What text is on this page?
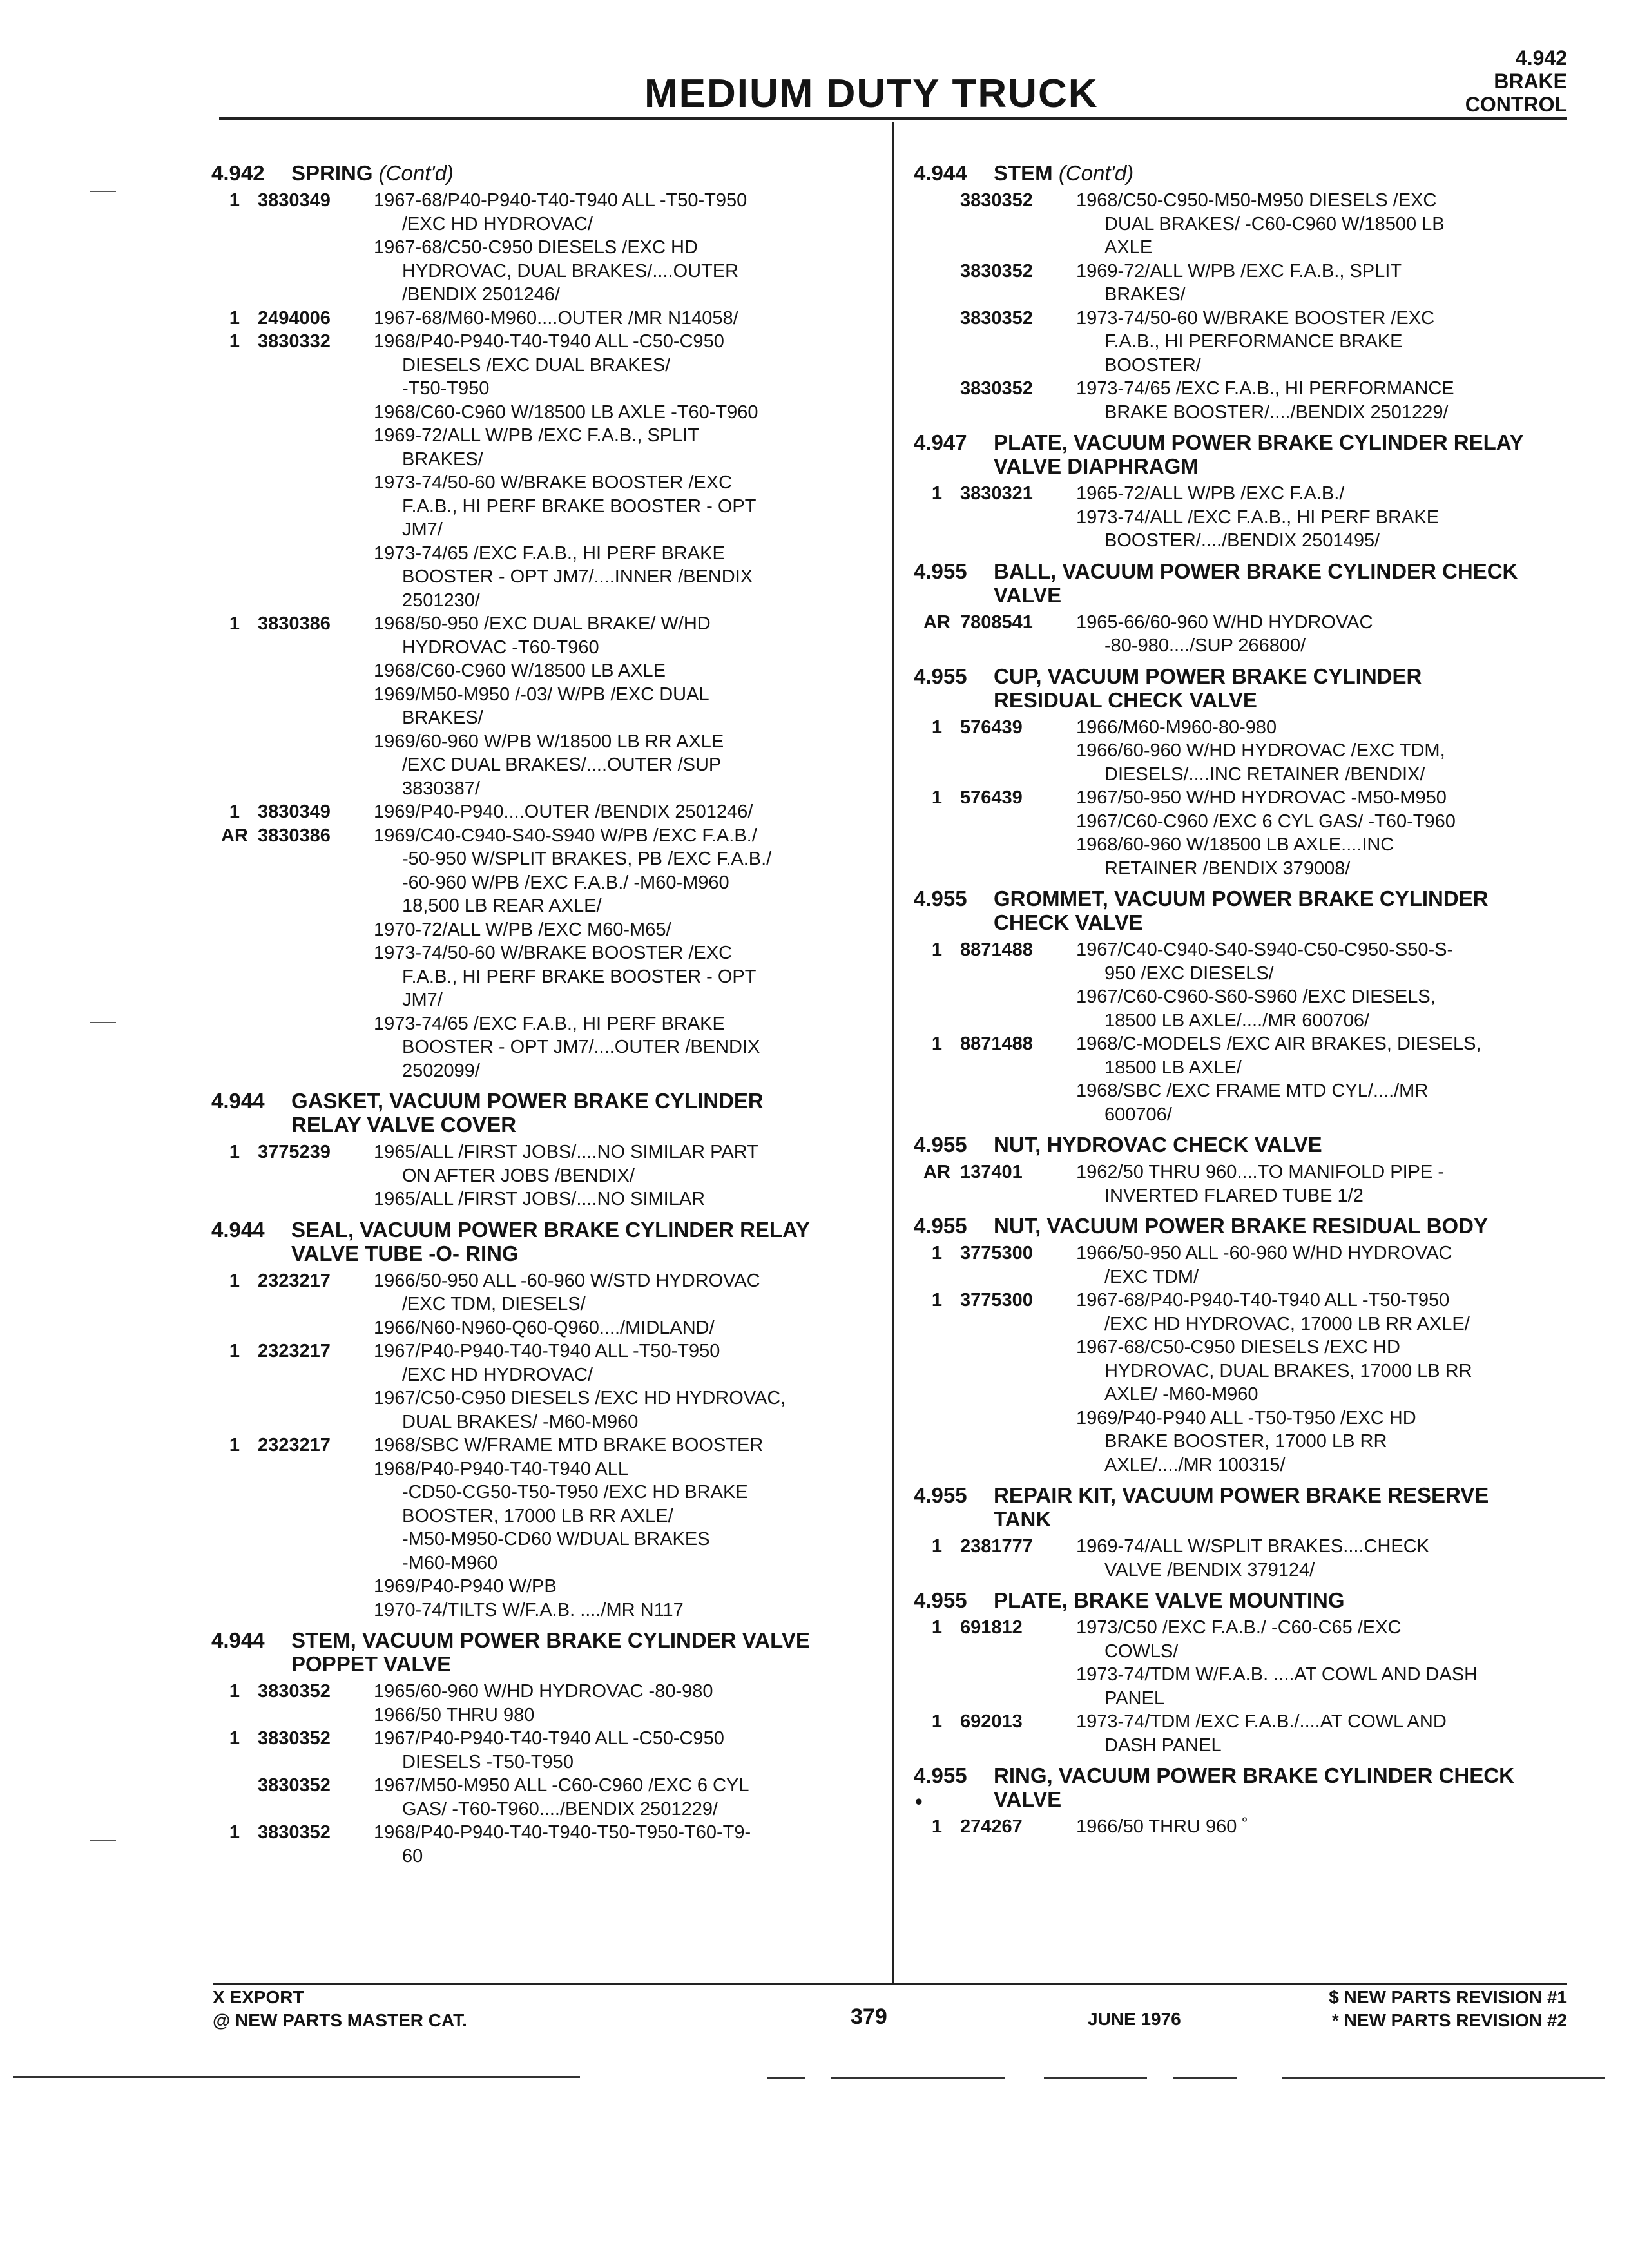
MEDIUM DUTY TRUCK
4.942
BRAKE
CONTROL
4.942 SPRING (Cont'd)
1 3830349	1967-68/P40-P940-T40-T940 ALL -T50-T950
/EXC HD HYDROVAC/
1967-68/C50-C950 DIESELS /EXC HD
HYDROVAC, DUAL BRAKES/....OUTER
/BENDIX 2501246/
1 2494006	1967-68/M60-M960....OUTER /MR N14058/
1 3830332	1968/P40-P940-T40-T940 ALL -C50-C950
DIESELS /EXC DUAL BRAKES/
-T50-T950
1968/C60-C960 W/18500 LB AXLE -T60-T960
1969-72/ALL W/PB /EXC F.A.B., SPLIT
BRAKES/
1973-74/50-60 W/BRAKE BOOSTER /EXC
F.A.B., HI PERF BRAKE BOOSTER - OPT
JM7/
1973-74/65 /EXC F.A.B., HI PERF BRAKE
BOOSTER - OPT JM7/....INNER /BENDIX
2501230/
1 3830386	1968/50-950 /EXC DUAL BRAKE/ W/HD
HYDROVAC -T60-T960
1968/C60-C960 W/18500 LB AXLE
1969/M50-M950 /-03/ W/PB /EXC DUAL
BRAKES/
1969/60-960 W/PB W/18500 LB RR AXLE
/EXC DUAL BRAKES/....OUTER /SUP
3830387/
1 3830349	1969/P40-P940....OUTER /BENDIX 2501246/
AR 3830386	1969/C40-C940-S40-S940 W/PB /EXC F.A.B./
-50-950 W/SPLIT BRAKES, PB /EXC F.A.B./
-60-960 W/PB /EXC F.A.B./ -M60-M960
18,500 LB REAR AXLE/
1970-72/ALL W/PB /EXC M60-M65/
1973-74/50-60 W/BRAKE BOOSTER /EXC
F.A.B., HI PERF BRAKE BOOSTER - OPT
JM7/
1973-74/65 /EXC F.A.B., HI PERF BRAKE
BOOSTER - OPT JM7/....OUTER /BENDIX
2502099/
4.944 GASKET, VACUUM POWER BRAKE CYLINDER
RELAY VALVE COVER
1 3775239	1965/ALL /FIRST JOBS/....NO SIMILAR PART
ON AFTER JOBS /BENDIX/
1965/ALL /FIRST JOBS/....NO SIMILAR
4.944 SEAL, VACUUM POWER BRAKE CYLINDER RELAY
VALVE TUBE -O- RING
1 2323217	1966/50-950 ALL -60-960 W/STD HYDROVAC
/EXC TDM, DIESELS/
1966/N60-N960-Q60-Q960..../MIDLAND/
1 2323217	1967/P40-P940-T40-T940 ALL -T50-T950
/EXC HD HYDROVAC/
1967/C50-C950 DIESELS /EXC HD HYDROVAC,
DUAL BRAKES/ -M60-M960
1 2323217	1968/SBC W/FRAME MTD BRAKE BOOSTER
1968/P40-P940-T40-T940 ALL
-CD50-CG50-T50-T950 /EXC HD BRAKE
BOOSTER, 17000 LB RR AXLE/
-M50-M950-CD60 W/DUAL BRAKES
-M60-M960
1969/P40-P940 W/PB
1970-74/TILTS W/F.A.B. ..../MR N117
4.944 STEM, VACUUM POWER BRAKE CYLINDER VALVE
POPPET VALVE
1 3830352	1965/60-960 W/HD HYDROVAC -80-980
1966/50 THRU 980
1 3830352	1967/P40-P940-T40-T940 ALL -C50-C950
DIESELS -T50-T950
3830352	1967/M50-M950 ALL -C60-C960 /EXC 6 CYL
GAS/ -T60-T960..../BENDIX 2501229/
1 3830352	1968/P40-P940-T40-T940-T50-T950-T60-T9-
60
4.944 STEM (Cont'd)
3830352	1968/C50-C950-M50-M950 DIESELS /EXC
DUAL BRAKES/ -C60-C960 W/18500 LB
AXLE
3830352	1969-72/ALL W/PB /EXC F.A.B., SPLIT
BRAKES/
3830352	1973-74/50-60 W/BRAKE BOOSTER /EXC
F.A.B., HI PERFORMANCE BRAKE
BOOSTER/
3830352	1973-74/65 /EXC F.A.B., HI PERFORMANCE
BRAKE BOOSTER/..../BENDIX 2501229/
4.947 PLATE, VACUUM POWER BRAKE CYLINDER RELAY
VALVE DIAPHRAGM
1 3830321	1965-72/ALL W/PB /EXC F.A.B./
1973-74/ALL /EXC F.A.B., HI PERF BRAKE
BOOSTER/..../BENDIX 2501495/
4.955 BALL, VACUUM POWER BRAKE CYLINDER CHECK
VALVE
AR 7808541	1965-66/60-960 W/HD HYDROVAC
-80-980..../SUP 266800/
4.955 CUP, VACUUM POWER BRAKE CYLINDER
RESIDUAL CHECK VALVE
1 576439	1966/M60-M960-80-980
1966/60-960 W/HD HYDROVAC /EXC TDM,
DIESELS/....INC RETAINER /BENDIX/
1 576439	1967/50-950 W/HD HYDROVAC -M50-M950
1967/C60-C960 /EXC 6 CYL GAS/ -T60-T960
1968/60-960 W/18500 LB AXLE....INC
RETAINER /BENDIX 379008/
4.955 GROMMET, VACUUM POWER BRAKE CYLINDER
CHECK VALVE
1 8871488	1967/C40-C940-S40-S940-C50-C950-S50-S-
950 /EXC DIESELS/
1967/C60-C960-S60-S960 /EXC DIESELS,
18500 LB AXLE/..../MR 600706/
1 8871488	1968/C-MODELS /EXC AIR BRAKES, DIESELS,
18500 LB AXLE/
1968/SBC /EXC FRAME MTD CYL/..../MR
600706/
4.955 NUT, HYDROVAC CHECK VALVE
AR 137401	1962/50 THRU 960....TO MANIFOLD PIPE -
INVERTED FLARED TUBE 1/2
4.955 NUT, VACUUM POWER BRAKE RESIDUAL BODY
1 3775300	1966/50-950 ALL -60-960 W/HD HYDROVAC
/EXC TDM/
1 3775300	1967-68/P40-P940-T40-T940 ALL -T50-T950
/EXC HD HYDROVAC, 17000 LB RR AXLE/
1967-68/C50-C950 DIESELS /EXC HD
HYDROVAC, DUAL BRAKES, 17000 LB RR
AXLE/ -M60-M960
1969/P40-P940 ALL -T50-T950 /EXC HD
BRAKE BOOSTER, 17000 LB RR
AXLE/..../MR 100315/
4.955 REPAIR KIT, VACUUM POWER BRAKE RESERVE
TANK
1 2381777	1969-74/ALL W/SPLIT BRAKES....CHECK
VALVE /BENDIX 379124/
4.955 PLATE, BRAKE VALVE MOUNTING
1 691812	1973/C50 /EXC F.A.B./ -C60-C65 /EXC
COWLS/
1973-74/TDM W/F.A.B. ....AT COWL AND DASH
PANEL
1 692013	1973-74/TDM /EXC F.A.B./....AT COWL AND
DASH PANEL
4.955 RING, VACUUM POWER BRAKE CYLINDER CHECK
VALVE
•
1 274267	1966/50 THRU 960 ˚
X EXPORT
@ NEW PARTS MASTER CAT.	379	JUNE 1976
$ NEW PARTS REVISION #1
* NEW PARTS REVISION #2
